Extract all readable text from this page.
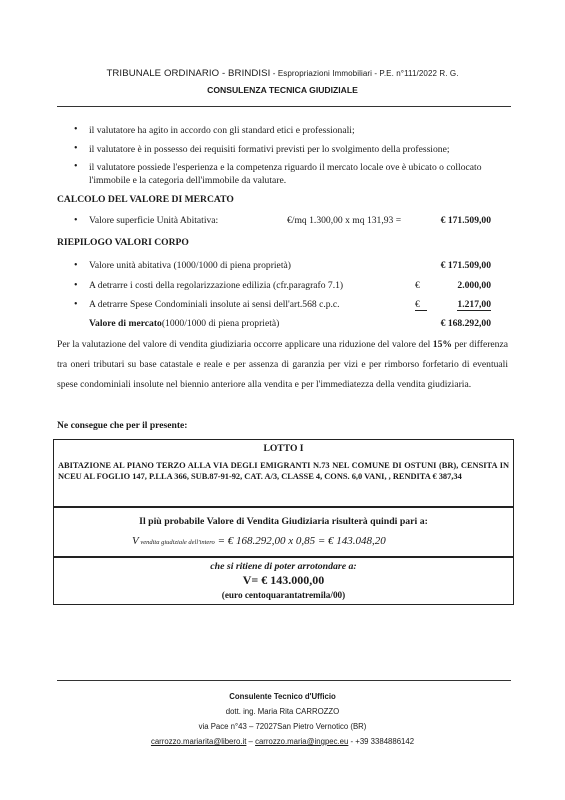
TRIBUNALE ORDINARIO - BRINDISI - Espropriazioni Immobiliari - P.E. n°111/2022 R. G.
CONSULENZA TECNICA GIUDIZIALE
• il valutatore ha agito in accordo con gli standard etici e professionali;
• il valutatore è in possesso dei requisiti formativi previsti per lo svolgimento della professione;
• il valutatore possiede l'esperienza e la competenza riguardo il mercato locale ove è ubicato o collocato l'immobile e la categoria dell'immobile da valutare.
CALCOLO DEL VALORE DI MERCATO
• Valore superficie Unità Abitativa:	€/mq 1.300,00 x mq 131,93 =	€ 171.509,00
RIEPILOGO VALORI CORPO
• Valore unità abitativa (1000/1000 di piena proprietà)	€ 171.509,00
• A detrarre i costi della regolarizzazione edilizia (cfr.paragrafo 7.1)	€	2.000,00
• A detrarre Spese Condominiali insolute ai sensi dell'art.568 c.p.c.	€	1.217,00
Valore di mercato(1000/1000 di piena proprietà)	€ 168.292,00
Per la valutazione del valore di vendita giudiziaria occorre applicare una riduzione del valore del 15% per differenza tra oneri tributari su base catastale e reale e per assenza di garanzia per vizi e per rimborso forfetario di eventuali spese condominiali insolute nel biennio anteriore alla vendita e per l'immediatezza della vendita giudiziaria.
Ne consegue che per il presente:
LOTTO I
ABITAZIONE AL PIANO TERZO ALLA VIA DEGLI EMIGRANTI N.73 NEL COMUNE DI OSTUNI (BR), CENSITA IN NCEU AL FOGLIO 147, P.LLA 366, SUB.87-91-92, CAT. A/3, CLASSE 4, CONS. 6,0 VANI, , RENDITA € 387,34
Il più probabile Valore di Vendita Giudiziaria risulterà quindi pari a:
V vendita giudiziale dell'intero = € 168.292,00 x 0,85 = € 143.048,20
che si ritiene di poter arrotondare a:
V= € 143.000,00
(euro centoquarantatremila/00)
Consulente Tecnico d'Ufficio
dott. ing. Maria Rita CARROZZO
via Pace n°43 – 72027San Pietro Vernotico (BR)
carrozzo.mariarita@libero.it – carrozzo.maria@ingpec.eu - +39 3384886142
